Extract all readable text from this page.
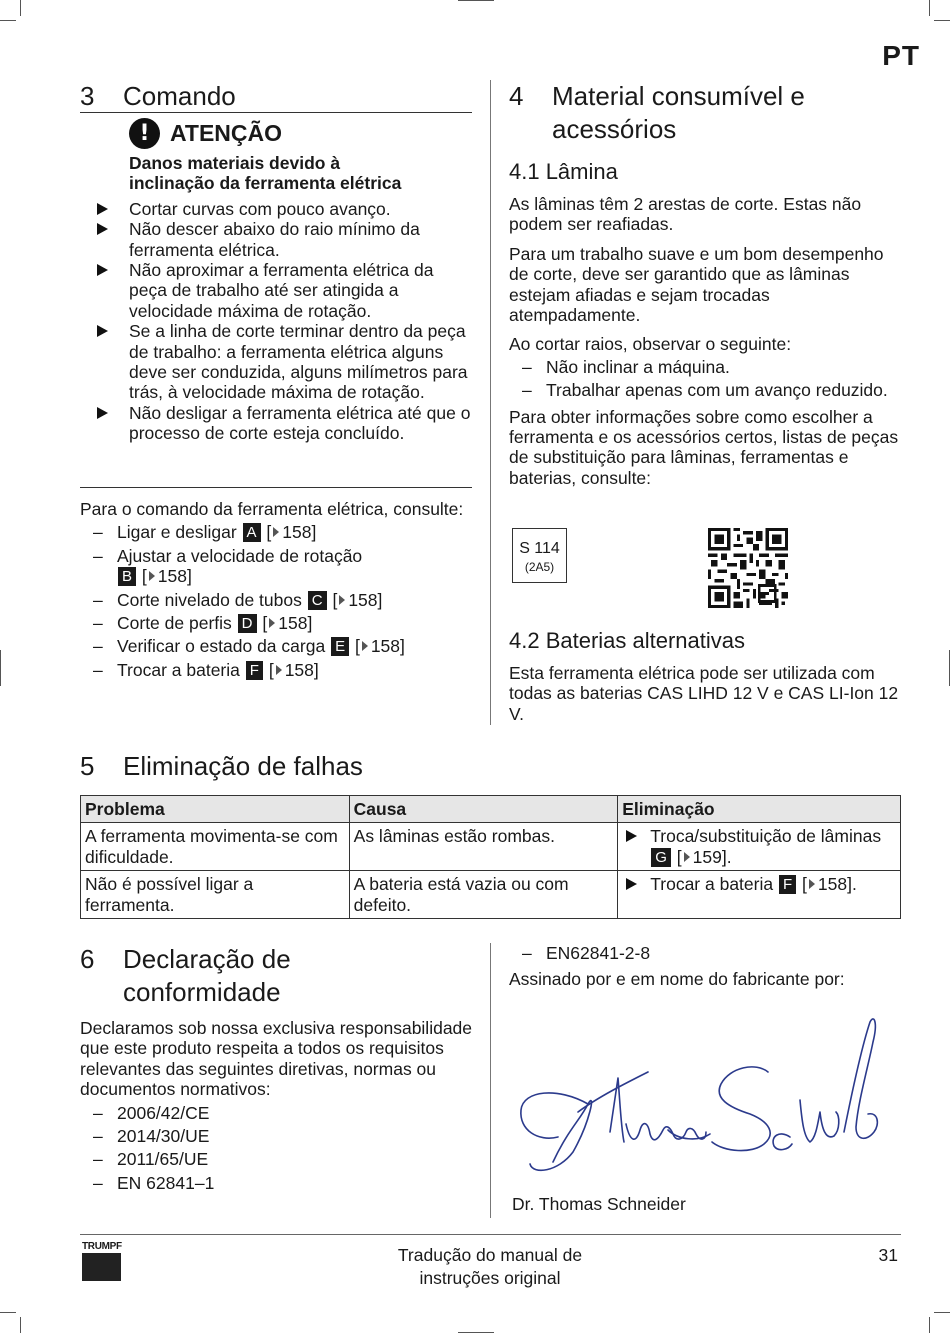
PT
3 Comando
! ATENÇÃO
Danos materiais devido à
inclinação da ferramenta elétrica
Cortar curvas com pouco avanço.
Não descer abaixo do raio mínimo da ferramenta elétrica.
Não aproximar a ferramenta elétrica da peça de trabalho até ser atingida a velocidade máxima de rotação.
Se a linha de corte terminar dentro da peça de trabalho: a ferramenta elétrica alguns deve ser conduzida, alguns milímetros para trás, à velocidade máxima de rotação.
Não desligar a ferramenta elétrica até que o processo de corte esteja concluído.
Para o comando da ferramenta elétrica, consulte:
– Ligar e desligar A [ 158]
– Ajustar a velocidade de rotação
B [ 158]
– Corte nivelado de tubos C [ 158]
– Corte de perfis D [ 158]
– Verificar o estado da carga E [ 158]
– Trocar a bateria F [ 158]
4 Material consumível e
acessórios
4.1 Lâmina
As lâminas têm 2 arestas de corte. Estas não podem ser reafiadas.
Para um trabalho suave e um bom desempenho de corte, deve ser garantido que as lâminas estejam afiadas e sejam trocadas atempadamente.
Ao cortar raios, observar o seguinte:
– Não inclinar a máquina.
– Trabalhar apenas com um avanço reduzido.
Para obter informações sobre como escolher a ferramenta e os acessórios certos, listas de peças de substituição para lâminas, ferramentas e baterias, consulte:
S 114
(2A5)
4.2 Baterias alternativas
Esta ferramenta elétrica pode ser utilizada com todas as baterias CAS LIHD 12 V e CAS LI-Ion 12 V.
5 Eliminação de falhas
Problema	Causa	Eliminação
A ferramenta movimenta-se com dificuldade.	As lâminas estão rombas.	Troca/substituição de lâminas G [ 159].

Não é possível ligar a ferramenta.	A bateria está vazia ou com defeito.	Trocar a bateria F [ 158].
6 Declaração de
conformidade
Declaramos sob nossa exclusiva responsabilidade que este produto respeita a todos os requisitos relevantes das seguintes diretivas, normas ou documentos normativos:
– 2006/42/CE
– 2014/30/UE
– 2011/65/UE
– EN 62841–1
– EN62841-2-8
Assinado por e em nome do fabricante por:
Dr. Thomas Schneider
TRUMPF	Tradução do manual de
instruções original
31
